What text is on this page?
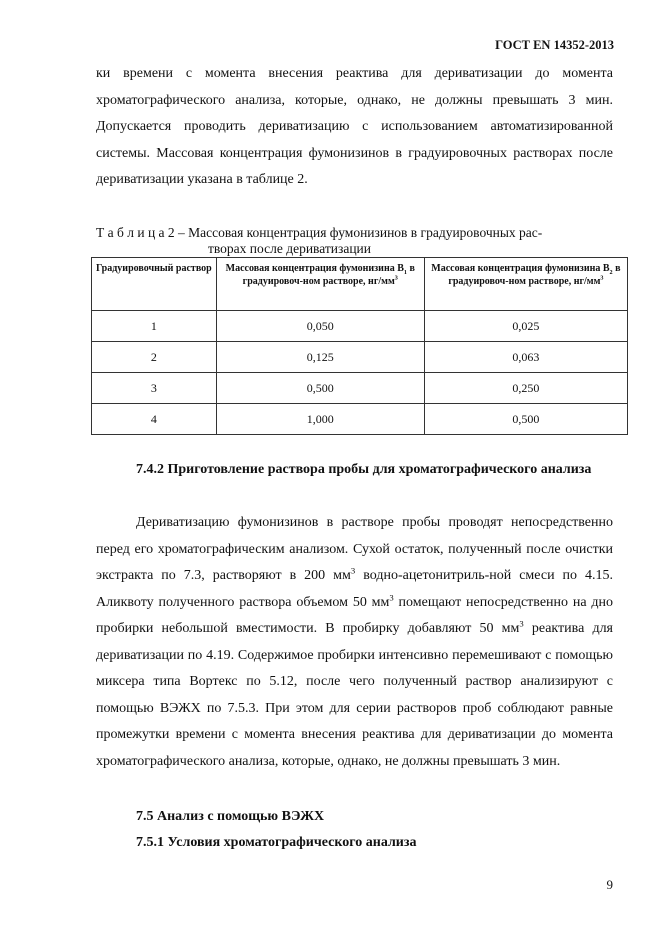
ГОСТ EN 14352-2013

ки времени с момента внесения реактива для дериватизации до момента хроматографического анализа, которые, однако, не должны превышать 3 мин. Допускается проводить дериватизацию с использованием автоматизированной системы. Массовая концентрация фумонизинов в градуировочных растворах после дериватизации указана в таблице 2.

Т а б л и ц а 2 – Массовая концентрация фумонизинов в градуировочных рас-
творах после дериватизации

Градуировочный раствор	Массовая концентрация фумонизина $B_1$ в градуировоч-ном растворе, $нг/мм^3$	Массовая концентрация фумонизина $B_2$ в градуировоч-ном растворе, $нг/мм^3$
1	0,050	0,025
2	0,125	0,063
3	0,500	0,250
4	1,000	0,500

7.4.2 Приготовление раствора пробы для хроматографического анализа

Дериватизацию фумонизинов в растворе пробы проводят непосредственно перед его хроматографическим анализом. Сухой остаток, полученный после очистки экстракта по 7.3, растворяют в 200 $мм^3$ водно-ацетонитриль-ной смеси по 4.15. Аликвоту полученного раствора объемом 50 $мм^3$ помещают непосредственно на дно пробирки небольшой вместимости. В пробирку добавляют 50 $мм^3$ реактива для дериватизации по 4.19. Содержимое пробирки интенсивно перемешивают с помощью миксера типа Вортекс по 5.12, после чего полученный раствор анализируют с помощью ВЭЖХ по 7.5.3. При этом для серии растворов проб соблюдают равные промежутки времени с момента внесения реактива для дериватизации до момента хроматографического анализа, которые, однако, не должны превышать 3 мин.

7.5 Анализ с помощью ВЭЖХ

7.5.1 Условия хроматографического анализа

9
